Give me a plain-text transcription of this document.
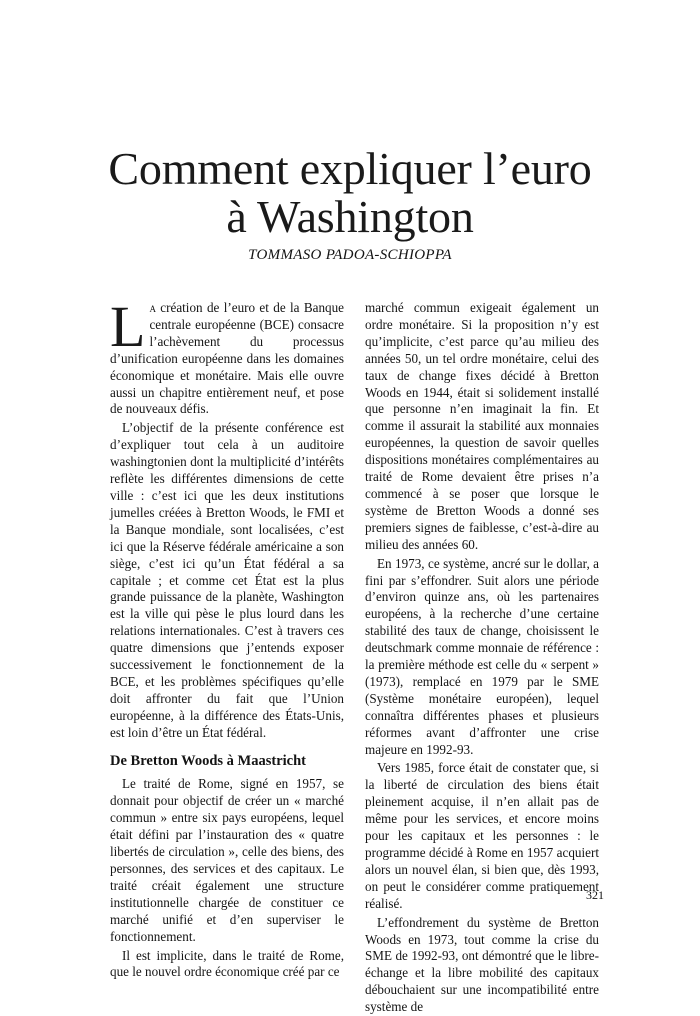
Comment expliquer l’euro
à Washington
TOMMASO PADOA-SCHIOPPA

La création de l’euro et de la Banque centrale européenne (BCE) consacre l’achèvement du processus d’unification européenne dans les domaines économique et monétaire. Mais elle ouvre aussi un chapitre entièrement neuf, et pose de nouveaux défis.

L’objectif de la présente conférence est d’expliquer tout cela à un auditoire washingtonien dont la multiplicité d’intérêts reflète les différentes dimensions de cette ville : c’est ici que les deux institutions jumelles créées à Bretton Woods, le FMI et la Banque mondiale, sont localisées, c’est ici que la Réserve fédérale américaine a son siège, c’est ici qu’un État fédéral a sa capitale ; et comme cet État est la plus grande puissance de la planète, Washington est la ville qui pèse le plus lourd dans les relations internationales. C’est à travers ces quatre dimensions que j’entends exposer successivement le fonctionnement de la BCE, et les problèmes spécifiques qu’elle doit affronter du fait que l’Union européenne, à la différence des États-Unis, est loin d’être un État fédéral.

De Bretton Woods à Maastricht

Le traité de Rome, signé en 1957, se donnait pour objectif de créer un « marché commun » entre six pays européens, lequel était défini par l’instauration des « quatre libertés de circulation », celle des biens, des personnes, des services et des capitaux. Le traité créait également une structure institutionnelle chargée de constituer ce marché unifié et d’en superviser le fonctionnement.

Il est implicite, dans le traité de Rome, que le nouvel ordre économique créé par ce

marché commun exigeait également un ordre monétaire. Si la proposition n’y est qu’implicite, c’est parce qu’au milieu des années 50, un tel ordre monétaire, celui des taux de change fixes décidé à Bretton Woods en 1944, était si solidement installé que personne n’en imaginait la fin. Et comme il assurait la stabilité aux monnaies européennes, la question de savoir quelles dispositions monétaires complémentaires au traité de Rome devaient être prises n’a commencé à se poser que lorsque le système de Bretton Woods a donné ses premiers signes de faiblesse, c’est-à-dire au milieu des années 60.

En 1973, ce système, ancré sur le dollar, a fini par s’effondrer. Suit alors une période d’environ quinze ans, où les partenaires européens, à la recherche d’une certaine stabilité des taux de change, choisissent le deutschmark comme monnaie de référence : la première méthode est celle du « serpent » (1973), remplacé en 1979 par le SME (Système monétaire européen), lequel connaîtra différentes phases et plusieurs réformes avant d’affronter une crise majeure en 1992-93.

Vers 1985, force était de constater que, si la liberté de circulation des biens était pleinement acquise, il n’en allait pas de même pour les services, et encore moins pour les capitaux et les personnes : le programme décidé à Rome en 1957 acquiert alors un nouvel élan, si bien que, dès 1993, on peut le considérer comme pratiquement réalisé.

L’effondrement du système de Bretton Woods en 1973, tout comme la crise du SME de 1992-93, ont démontré que le libre-échange et la libre mobilité des capitaux débouchaient sur une incompatibilité entre système de

321
